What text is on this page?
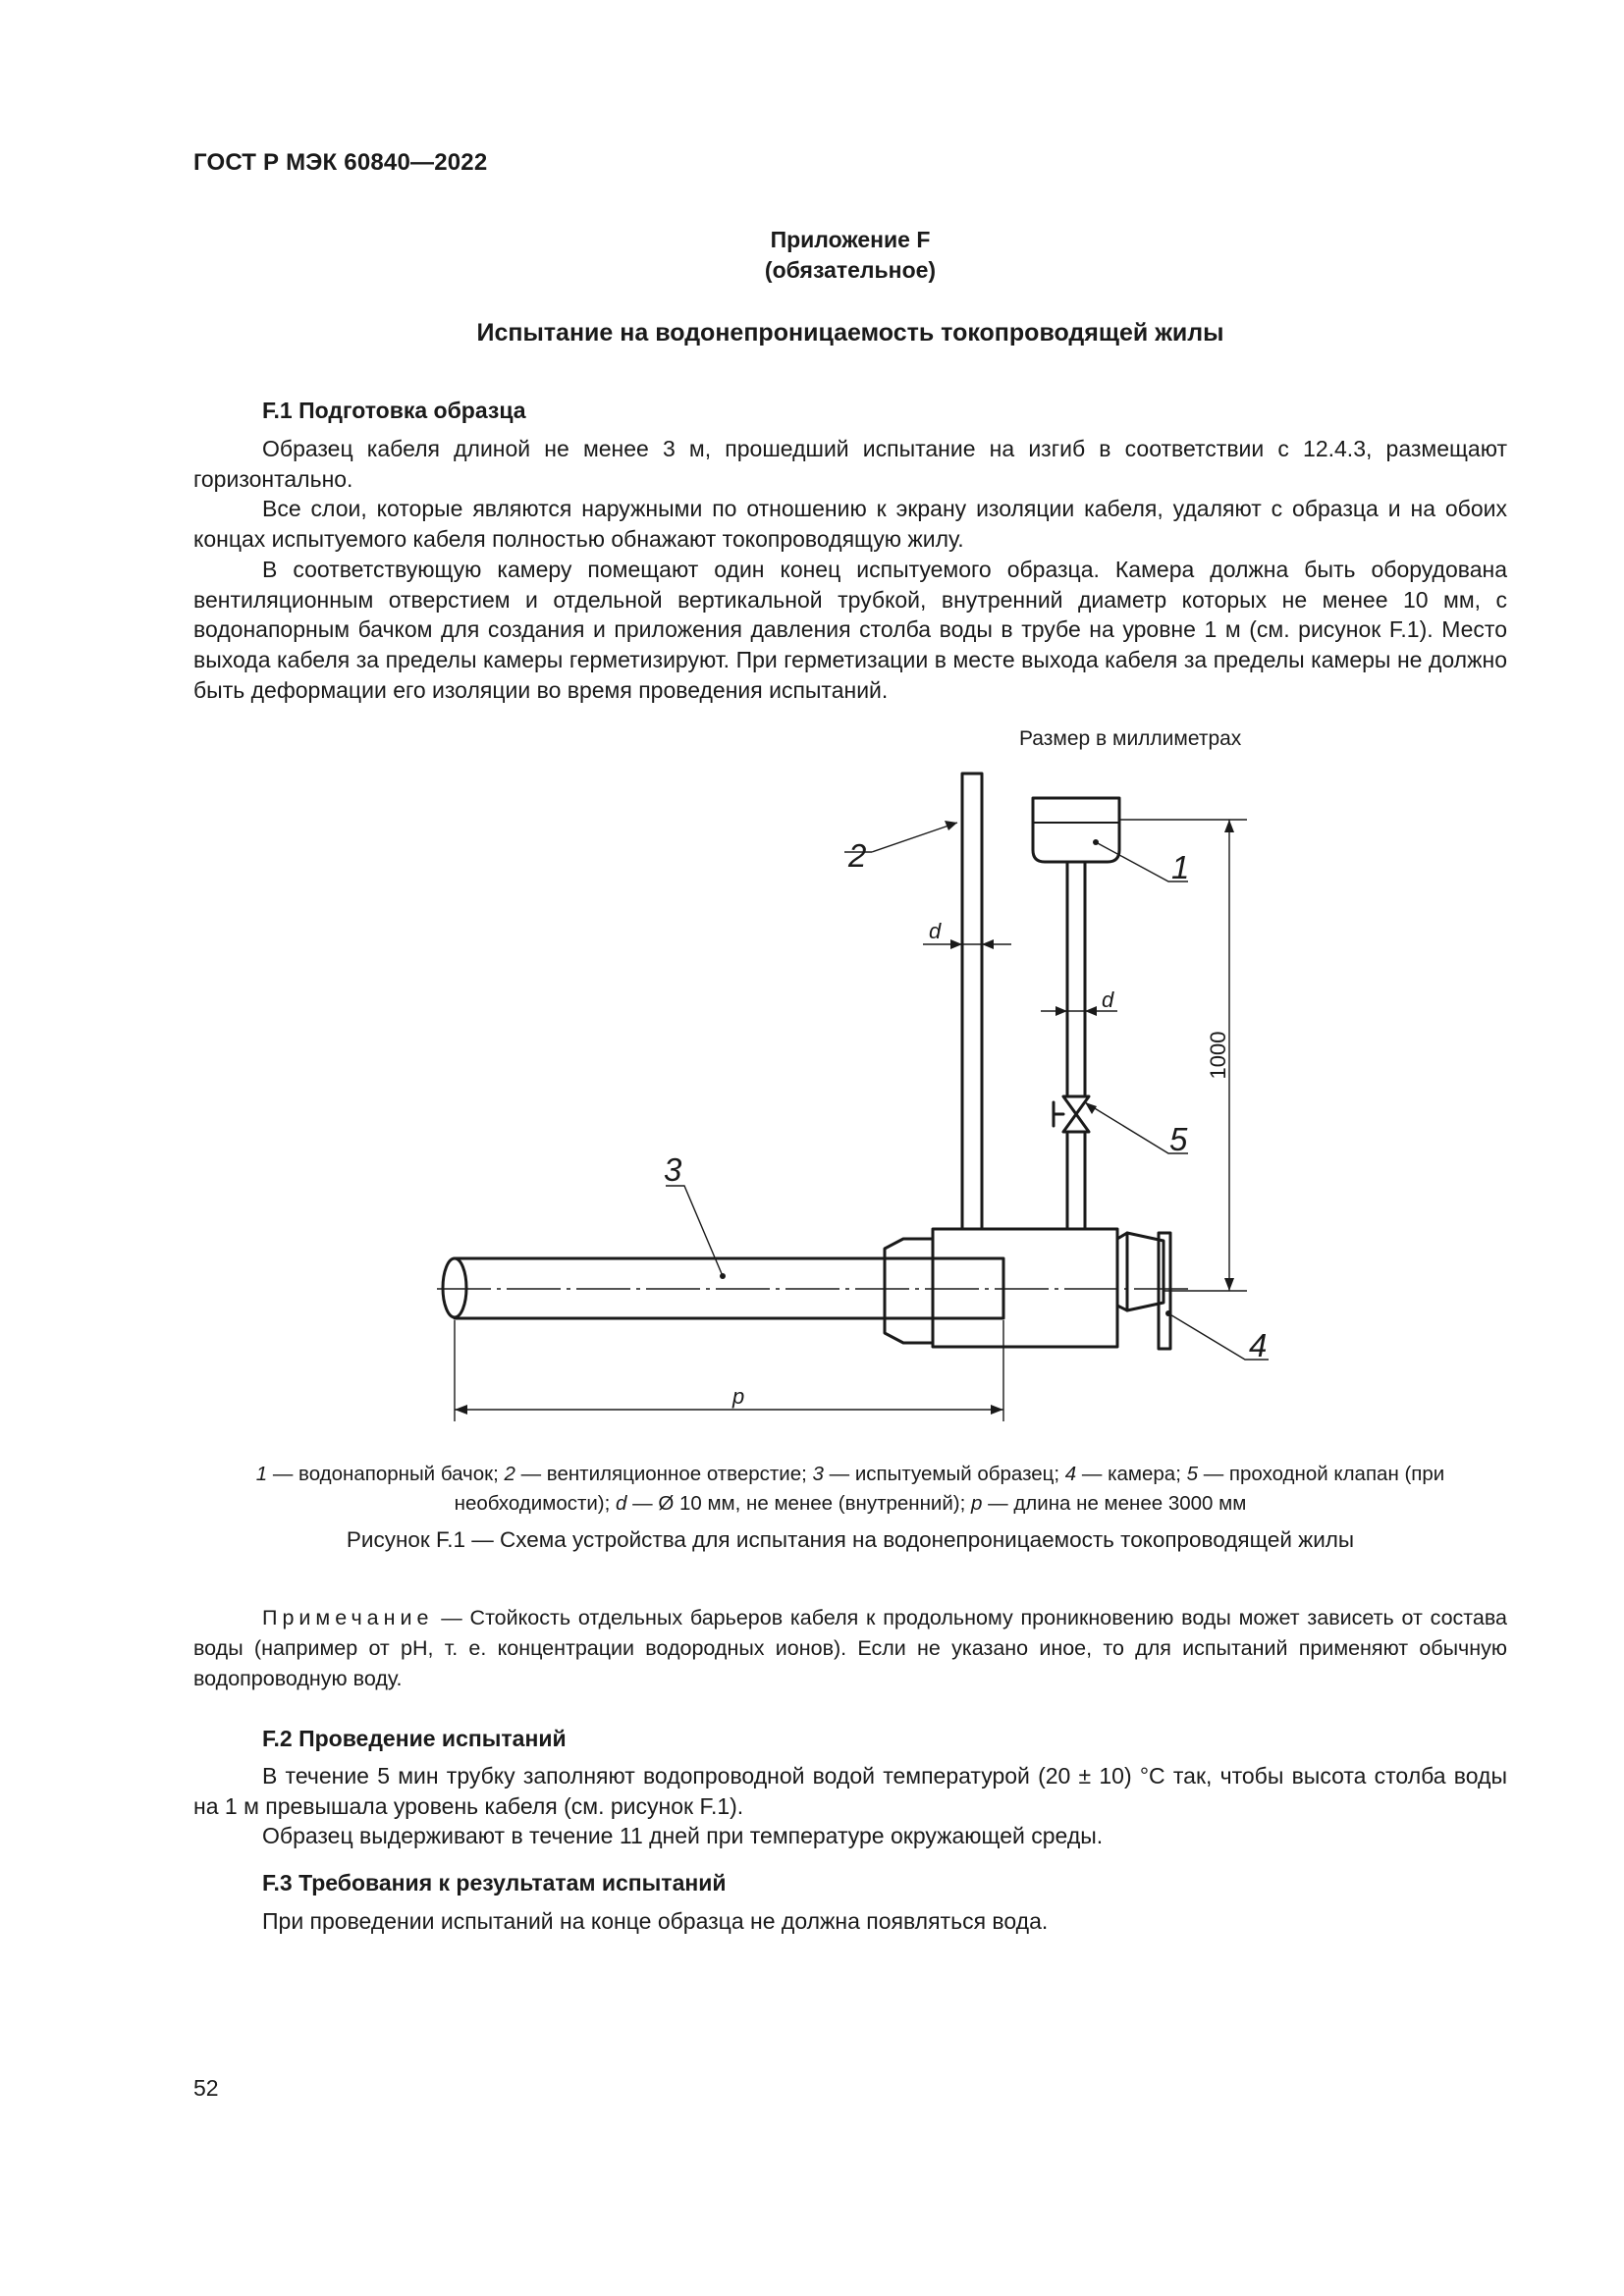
ГОСТ Р МЭК 60840—2022
Приложение F
(обязательное)
Испытание на водонепроницаемость токопроводящей жилы
F.1 Подготовка образца

Образец кабеля длиной не менее 3 м, прошедший испытание на изгиб в соответствии с 12.4.3, размещают горизонтально.

Все слои, которые являются наружными по отношению к экрану изоляции кабеля, удаляют с образца и на обоих концах испытуемого кабеля полностью обнажают токопроводящую жилу.

В соответствующую камеру помещают один конец испытуемого образца. Камера должна быть оборудована вентиляционным отверстием и отдельной вертикальной трубкой, внутренний диаметр которых не менее 10 мм, с водонапорным бачком для создания и приложения давления столба воды в трубе на уровне 1 м (см. рисунок F.1). Место выхода кабеля за пределы камеры герметизируют. При герметизации в месте выхода кабеля за пределы камеры не должно быть деформации его изоляции во время проведения испытаний.

Размер в миллиметрах
1
2
3
4
5
d
d
p
1000
1 — водонапорный бачок; 2 — вентиляционное отверстие; 3 — испытуемый образец; 4 — камера; 5 — проходной клапан (при необходимости); d — Ø 10 мм, не менее (внутренний); p — длина не менее 3000 мм
Рисунок F.1 — Схема устройства для испытания на водонепроницаемость токопроводящей жилы

Примечание — Стойкость отдельных барьеров кабеля к продольному проникновению воды может зависеть от состава воды (например от pH, т. е. концентрации водородных ионов). Если не указано иное, то для испытаний применяют обычную водопроводную воду.

F.2 Проведение испытаний

В течение 5 мин трубку заполняют водопроводной водой температурой (20 ± 10) °С так, чтобы высота столба воды на 1 м превышала уровень кабеля (см. рисунок F.1).

Образец выдерживают в течение 11 дней при температуре окружающей среды.

F.3 Требования к результатам испытаний

При проведении испытаний на конце образца не должна появляться вода.

52
